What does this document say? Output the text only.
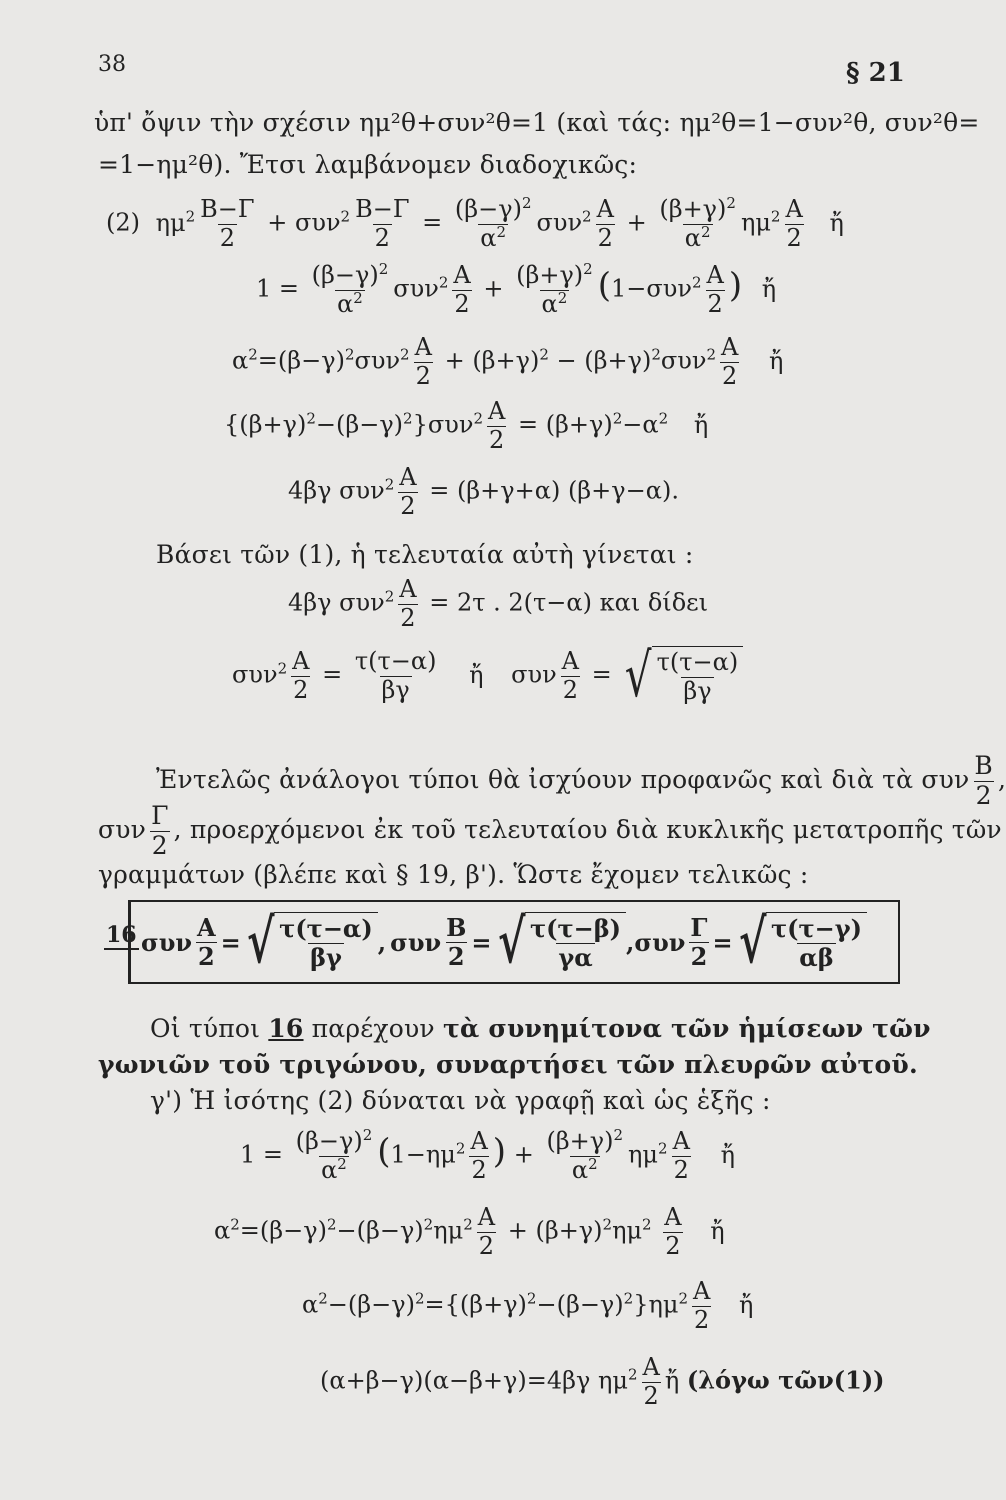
38	§ 21
ὑπ' ὄψιν τὴν σχέσιν ημ²θ+συν²θ=1 (καὶ τάς: ημ²θ=1−συν²θ, συν²θ=
=1−ημ²θ). Ἔτσι λαμβάνομεν διαδοχικῶς:
(2) $\eta\mu^2 \frac{B-\Gamma}{2} + \sigma\upsilon\nu^2 \frac{B-\Gamma}{2} = \frac{(\beta-\gamma)^2}{\alpha^2} \sigma\upsilon\nu^2 \frac{A}{2} + \frac{(\beta+\gamma)^2}{\alpha^2} \eta\mu^2 \frac{A}{2}$ ἤ
$1 = \frac{(\beta-\gamma)^2}{\alpha^2} \sigma\upsilon\nu^2 \frac{A}{2} + \frac{(\beta+\gamma)^2}{\alpha^2} (1-\sigma\upsilon\nu^2 \frac{A}{2}$ ) ἤ
$\alpha^2=(\beta-\gamma)^2\sigma\upsilon\nu^2 \frac{A}{2} + (\beta+\gamma)^2 - (\beta+\gamma)^2\sigma\upsilon\nu^2 \frac{A}{2}$ ἤ
$\{(\beta+\gamma)^2-(\beta-\gamma)^2\}\sigma\upsilon\nu^2 \frac{A}{2} = (\beta+\gamma)^2-\alpha^2$ ἤ
4βγ $\sigma\upsilon\nu^2 \frac{A}{2} = (\beta+\gamma+\alpha)$ (β+γ−α).
Βάσει τῶν (1), ἡ τελευταία αὐτὴ γίνεται :
4βγ $\sigma\upsilon\nu^2 \frac{A}{2} = 2\tau$ . 2(τ−α) και δίδει
$\sigma\upsilon\nu^2 \frac{A}{2} = \frac{\tau(\tau-\alpha)}{\beta\gamma}$ ἤ συν $\frac{A}{2}$ = √ $\frac{\tau(\tau-\alpha)}{\beta\gamma}$
Ἐντελῶς ἀνάλογοι τύποι θὰ ἰσχύουν προφανῶς καὶ διὰ τὰ συν $\frac{B}{2}$ ,
συν $\frac{\Gamma}{2}$ , προερχόμενοι ἐκ τοῦ τελευταίου διὰ κυκλικῆς μετατροπῆς τῶν
γραμμάτων (βλέπε καὶ § 19, β'). Ὥστε ἔχομεν τελικῶς :
16 συν $\frac{A}{2}$ = √ $\frac{\tau(\tau-\alpha)}{\beta\gamma}$ , συν $\frac{B}{2}$ = √ $\frac{\tau(\tau-\beta)}{\gamma\alpha}$ , συν $\frac{\Gamma}{2}$ = √ $\frac{\tau(\tau-\gamma)}{\alpha\beta}$
Οἱ τύποι 16 παρέχουν τὰ συνημίτονα τῶν ἡμίσεων τῶν
γωνιῶν τοῦ τριγώνου, συναρτήσει τῶν πλευρῶν αὐτοῦ.
γ') Ἡ ἰσότης (2) δύναται νὰ γραφῇ καὶ ὡς ἑξῆς :
$1 = \frac{(\beta-\gamma)^2}{\alpha^2} (1-\eta\mu^2 \frac{A}{2}$ ) + $\frac{(\beta+\gamma)^2}{\alpha^2} \eta\mu^2 \frac{A}{2}$ ἤ
$\alpha^2=(\beta-\gamma)^2-(\beta-\gamma)^2\eta\mu^2 \frac{A}{2} + (\beta+\gamma)^2\eta\mu^2 \frac{A}{2}$ ἤ
$\alpha^2-(\beta-\gamma)^2=\{(\beta+\gamma)^2-(\beta-\gamma)^2\}\eta\mu^2 \frac{A}{2}$ ἤ
(α+β−γ)(α−β+γ)=4βγ $\eta\mu^2 \frac{A}{2}$ ἤ (λόγω τῶν(1))
